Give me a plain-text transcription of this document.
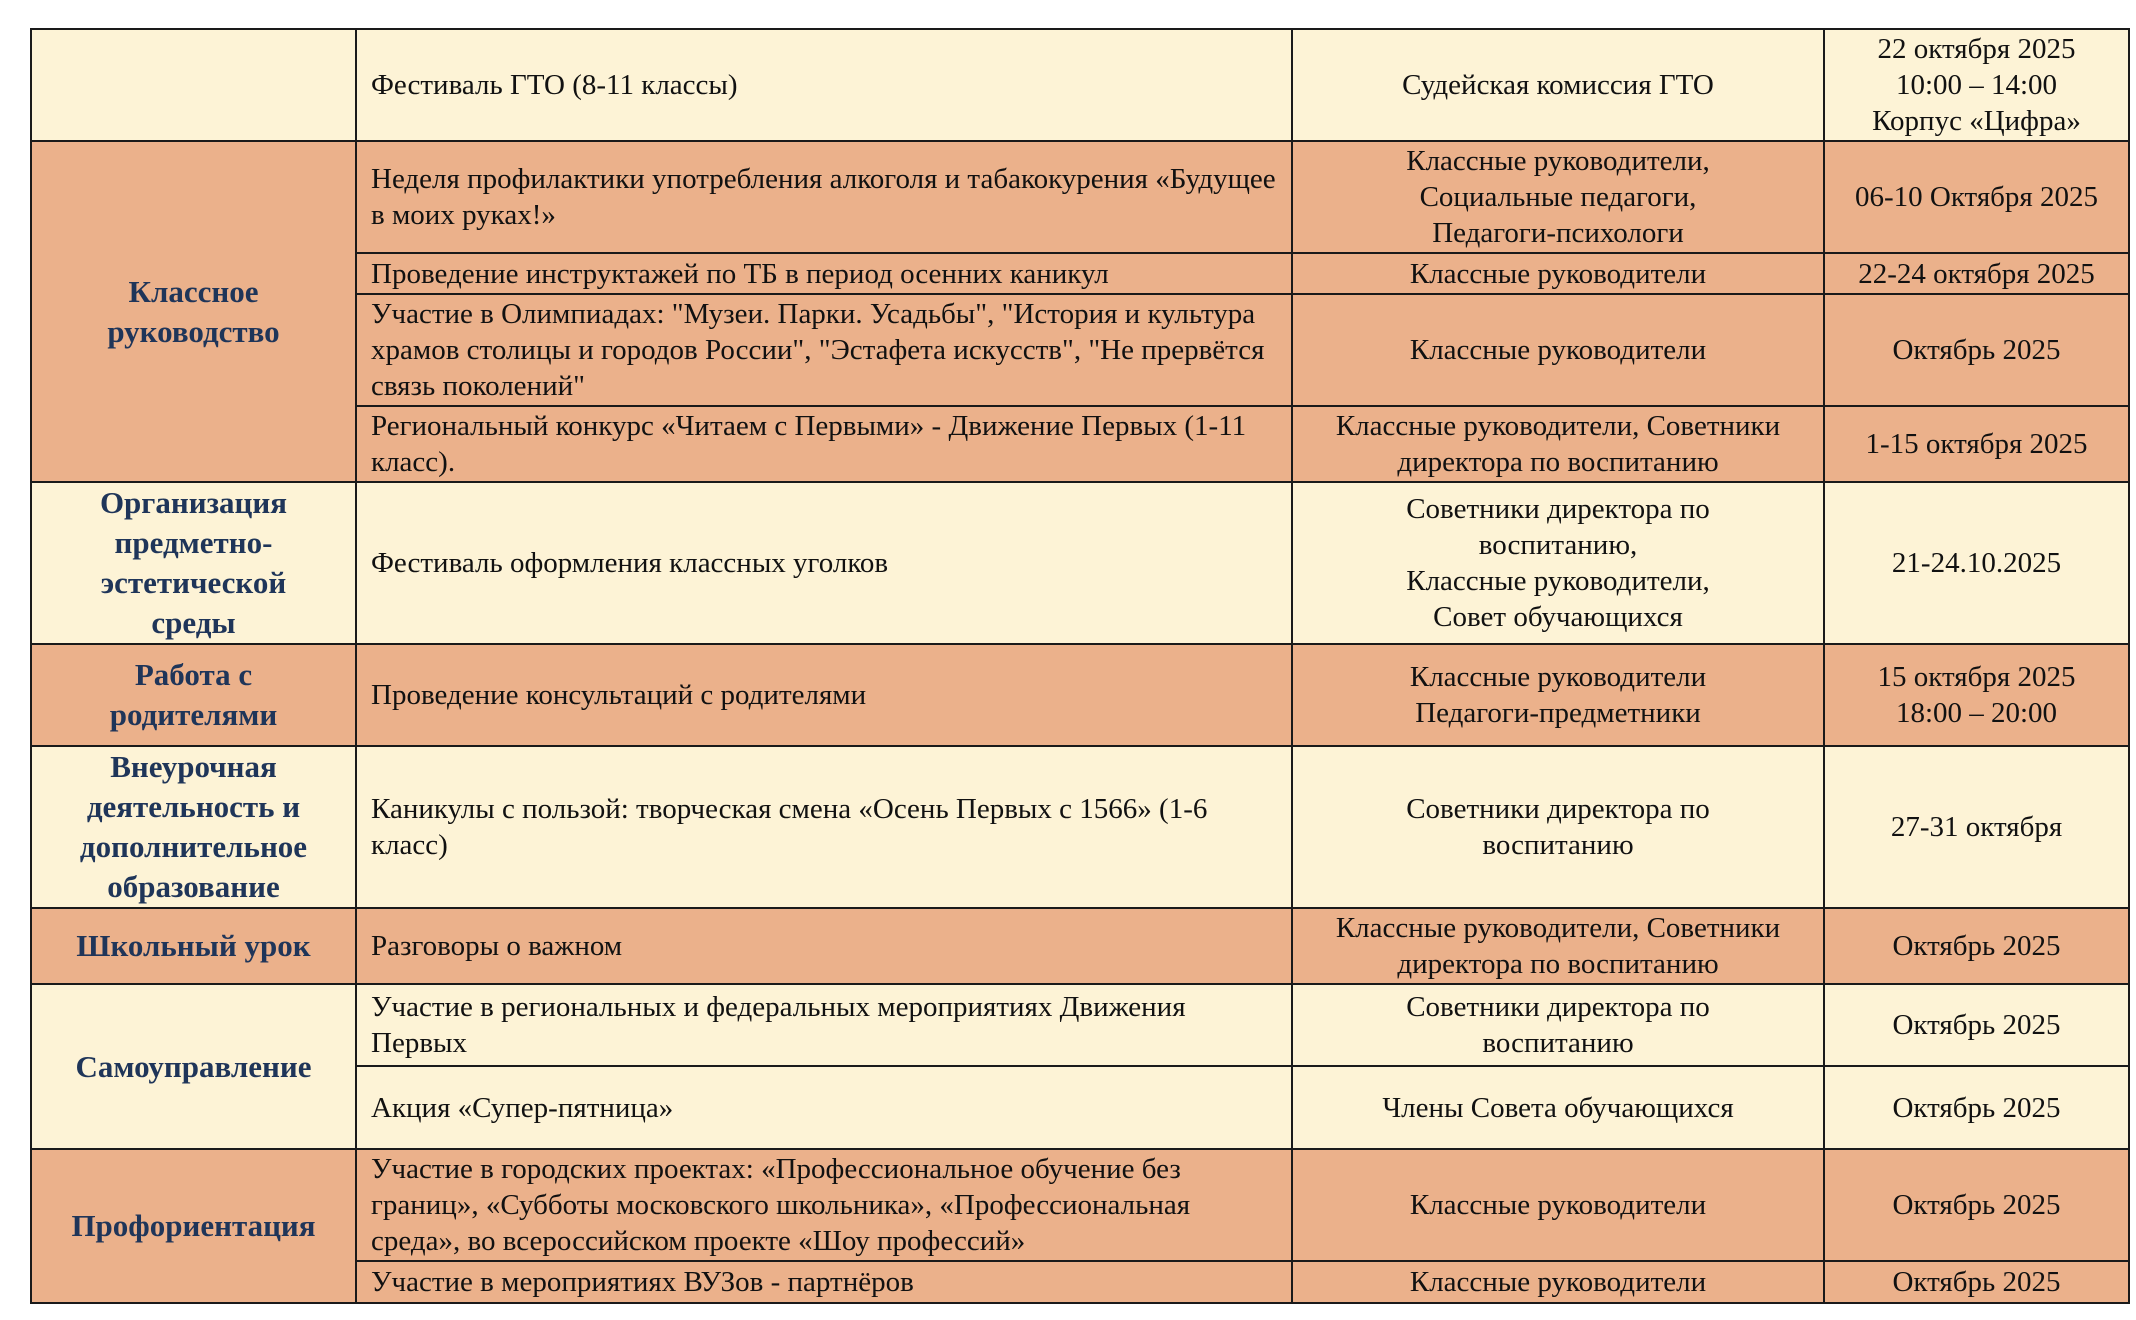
	Фестиваль ГТО (8-11 классы)	Судейская комиссия ГТО	22 октября 2025
10:00 – 14:00
Корпус «Цифра»

Классное руководство	Неделя профилактики употребления алкоголя и табакокурения «Будущее в моих руках!»	Классные руководители,
Социальные педагоги,
Педагоги-психологи	06-10 Октября 2025
	Проведение инструктажей по ТБ в период осенних каникул	Классные руководители	22-24 октября 2025
	Участие в Олимпиадах: "Музеи. Парки. Усадьбы", "История и культура храмов столицы и городов России", "Эстафета искусств", "Не прервётся связь поколений"	Классные руководители	Октябрь 2025
	Региональный конкурс «Читаем с Первыми» - Движение Первых (1-11 класс).	Классные руководители, Советники
директора по воспитанию	1-15 октября 2025

Организация
предметно-
эстетической
среды	Фестиваль оформления классных уголков	Советники директора по
воспитанию,
Классные руководители,
Совет обучающихся	21-24.10.2025

Работа с
родителями	Проведение консультаций с родителями	Классные руководители
Педагоги-предметники	15 октября 2025
18:00 – 20:00

Внеурочная
деятельность и
дополнительное
образование	Каникулы с пользой: творческая смена «Осень Первых с 1566» (1-6 класс)	Советники директора по
воспитанию	27-31 октября
Школьный урок	Разговоры о важном	Классные руководители, Советники
директора по воспитанию	Октябрь 2025
Самоуправление	Участие в региональных и федеральных мероприятиях Движения Первых	Советники директора по
воспитанию	Октябрь 2025
	Акция «Супер-пятница»	Члены Совета обучающихся	Октябрь 2025
Профориентация	Участие в городских проектах: «Профессиональное обучение без границ», «Субботы московского школьника», «Профессиональная среда», во всероссийском проекте «Шоу профессий»	Классные руководители	Октябрь 2025
	Участие в мероприятиях ВУЗов - партнёров	Классные руководители	Октябрь 2025
